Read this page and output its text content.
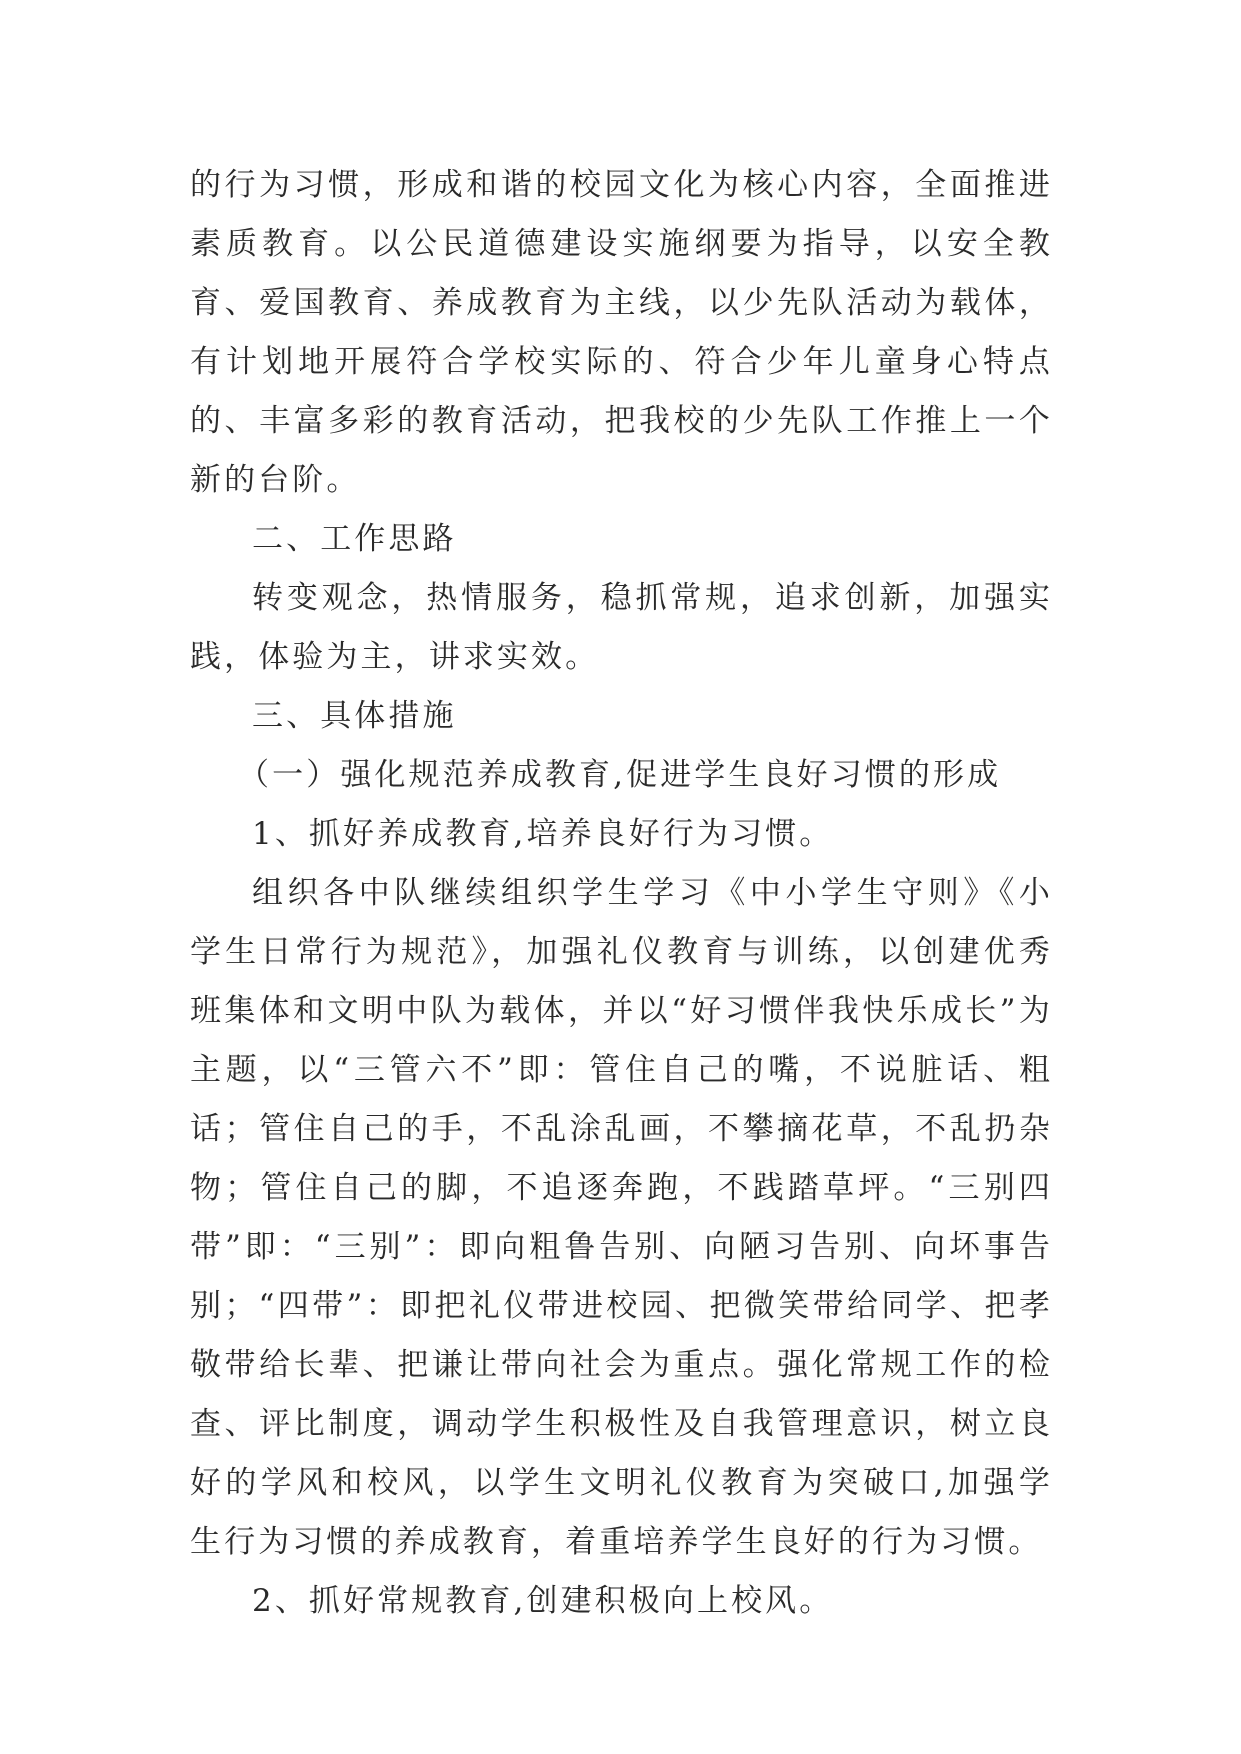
的行为习惯，形成和谐的校园文化为核心内容，全面推进素质教育。以公民道德建设实施纲要为指导，以安全教育、爱国教育、养成教育为主线，以少先队活动为载体，有计划地开展符合学校实际的、符合少年儿童身心特点的、丰富多彩的教育活动，把我校的少先队工作推上一个新的台阶。

二、工作思路

转变观念，热情服务，稳抓常规，追求创新，加强实践，体验为主，讲求实效。

三、具体措施

（一）强化规范养成教育,促进学生良好习惯的形成

1、抓好养成教育,培养良好行为习惯。

组织各中队继续组织学生学习《中小学生守则》《小学生日常行为规范》，加强礼仪教育与训练，以创建优秀班集体和文明中队为载体，并以“好习惯伴我快乐成长”为主题，以“三管六不”即：管住自己的嘴，不说脏话、粗话；管住自己的手，不乱涂乱画，不攀摘花草，不乱扔杂物；管住自己的脚，不追逐奔跑，不践踏草坪。“三别四带”即：“三别”：即向粗鲁告别、向陋习告别、向坏事告别；“四带”：即把礼仪带进校园、把微笑带给同学、把孝敬带给长辈、把谦让带向社会为重点。强化常规工作的检查、评比制度，调动学生积极性及自我管理意识，树立良好的学风和校风，以学生文明礼仪教育为突破口,加强学生行为习惯的养成教育，着重培养学生良好的行为习惯。

2、抓好常规教育,创建积极向上校风。
